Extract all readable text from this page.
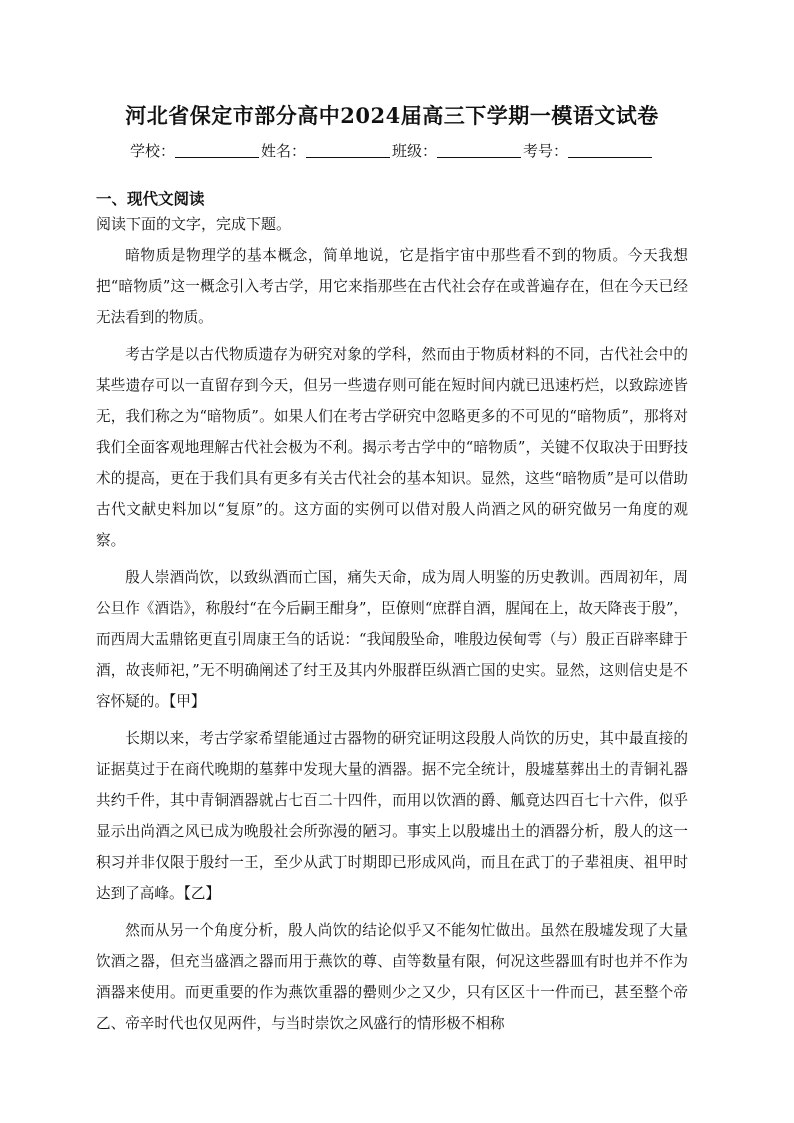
河北省保定市部分高中2024届高三下学期一模语文试卷
学校：	姓名：	班级：	考号：
一、现代文阅读

阅读下面的文字，完成下题。

暗物质是物理学的基本概念，简单地说，它是指宇宙中那些看不到的物质。今天我想把“暗物质”这一概念引入考古学，用它来指那些在古代社会存在或普遍存在，但在今天已经无法看到的物质。

考古学是以古代物质遗存为研究对象的学科，然而由于物质材料的不同，古代社会中的某些遗存可以一直留存到今天，但另一些遗存则可能在短时间内就已迅速朽烂，以致踪迹皆无，我们称之为“暗物质”。如果人们在考古学研究中忽略更多的不可见的“暗物质”，那将对我们全面客观地理解古代社会极为不利。揭示考古学中的“暗物质”，关键不仅取决于田野技术的提高，更在于我们具有更多有关古代社会的基本知识。显然，这些“暗物质”是可以借助古代文献史料加以“复原”的。这方面的实例可以借对殷人尚酒之风的研究做另一角度的观察。

殷人崇酒尚饮，以致纵酒而亡国，痛失天命，成为周人明鉴的历史教训。西周初年，周公旦作《酒诰》，称殷纣“在今后嗣王酣身”，臣僚则“庶群自酒，腥闻在上，故天降丧于殷”，而西周大盂鼎铭更直引周康王刍的话说：“我闻殷坠命，唯殷边侯甸雩（与）殷正百辟率肆于酒，故丧师祀，”无不明确阐述了纣王及其内外服群臣纵酒亡国的史实。显然，这则信史是不容怀疑的。【甲】

长期以来，考古学家希望能通过古器物的研究证明这段殷人尚饮的历史，其中最直接的证据莫过于在商代晚期的墓葬中发现大量的酒器。据不完全统计，殷墟墓葬出土的青铜礼器共约千件，其中青铜酒器就占七百二十四件，而用以饮酒的爵、觚竟达四百七十六件，似乎显示出尚酒之风已成为晚殷社会所弥漫的陋习。事实上以殷墟出土的酒器分析，殷人的这一积习并非仅限于殷纣一王，至少从武丁时期即已形成风尚，而且在武丁的子辈祖庚、祖甲时达到了高峰。【乙】

然而从另一个角度分析，殷人尚饮的结论似乎又不能匆忙做出。虽然在殷墟发现了大量饮酒之器，但充当盛酒之器而用于燕饮的尊、卣等数量有限，何况这些器皿有时也并不作为酒器来使用。而更重要的作为燕饮重器的罍则少之又少，只有区区十一件而已，甚至整个帝乙、帝辛时代也仅见两件，与当时崇饮之风盛行的情形极不相称
